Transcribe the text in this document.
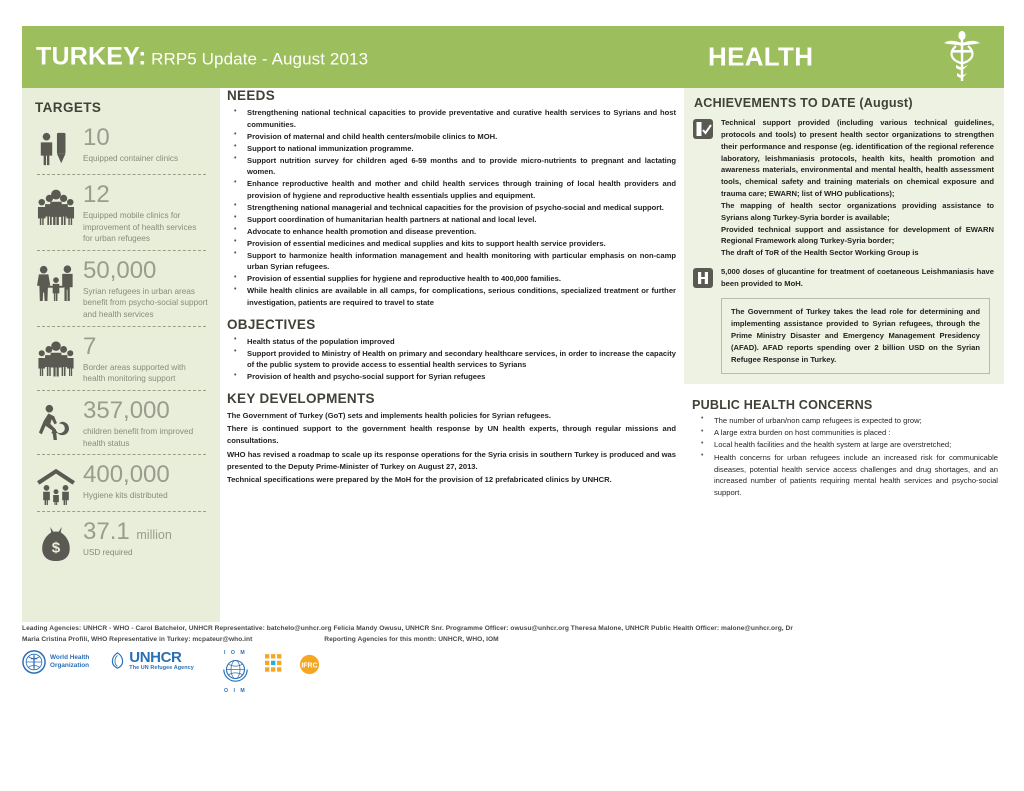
TURKEY: RRP5 Update - August 2013	HEALTH
TARGETS
10
Equipped container clinics
12
Equipped mobile clinics for improvement of health services for urban refugees
50,000
Syrian refugees in urban areas benefit from psycho-social support and health services
7
Border areas supported with health monitoring support
357,000
children benefit from improved health status
400,000
Hygiene kits distributed
$
37.1 million
USD required
NEEDS
• Strengthening national technical capacities to provide preventative and curative health services to Syrians and host communities.
• Provision of maternal and child health centers/mobile clinics to MOH.
• Support to national immunization programme.
• Support nutrition survey for children aged 6-59 months and to provide micro-nutrients to pregnant and lactating women.
• Enhance reproductive health and mother and child health services through training of local health providers and provision of hygiene and reproductive health essentials upplies and equipment.
• Strengthening national managerial and technical capacities for the provision of psycho-social and medical support.
• Support coordination of humanitarian health partners at national and local level.
• Advocate to enhance health promotion and disease prevention.
• Provision of essential medicines and medical supplies and kits to support health service providers.
• Support to harmonize health information management and health monitoring with particular emphasis on non-camp urban Syrian refugees.
• Provision of essential supplies for hygiene and reproductive health to 400,000 families.
• While health clinics are available in all camps, for complications, serious conditions, specialized treatment or further investigation, patients are required to travel to state
OBJECTIVES
• Health status of the population improved
• Support provided to Ministry of Health on primary and secondary healthcare services, in order to increase the capacity of the public system to provide access to essential health services to Syrians
• Provision of health and psycho-social support for Syrian refugees
KEY DEVELOPMENTS

The Government of Turkey (GoT) sets and implements health policies for Syrian refugees.

There is continued support to the government health response by UN health experts, through regular missions and consultations.

WHO has revised a roadmap to scale up its response operations for the Syria crisis in southern Turkey is produced and was presented to the Deputy Prime-Minister of Turkey on August 27, 2013.

Technical specifications were prepared by the MoH for the provision of 12 prefabricated clinics by UNHCR.

ACHIEVEMENTS TO DATE (August)

Technical support provided (including various technical guidelines, protocols and tools) to present health sector organizations to strengthen their performance and response (eg. identification of the regional reference laboratory, leishmaniasis protocols, health kits, health promotion and awareness materials, environmental and mental health, health assessment tools, chemical safety and training materials on chemical exposure and trauma care; EWARN; list of WHO publications);

The mapping of health sector organizations providing assistance to Syrians along Turkey-Syria border is available;

Provided technical support and assistance for development of EWARN Regional Framework along Turkey-Syria border;

The draft of ToR of the Health Sector Working Group is

5,000 doses of glucantine for treatment of coetaneous Leishmaniasis have been provided to MoH.

The Government of Turkey takes the lead role for determining and implementing assistance provided to Syrian refugees, through the Prime Ministry Disaster and Emergency Management Presidency (AFAD). AFAD reports spending over 2 billion USD on the Syrian Refugee Response in Turkey.
PUBLIC HEALTH CONCERNS
• The number of urban/non camp refugees is expected to grow;
• A large extra burden on host communities is placed :
• Local health facilities and the health system at large are overstretched;
• Health concerns for urban refugees include an increased risk for communicable diseases, potential health service access challenges and drug shortages, and an increased number of patients requiring mental health services and psycho-social support.
Leading Agencies: UNHCR - WHO - Carol Batchelor, UNHCR Representative: batchelo@unhcr.org Felicia Mandy Owusu, UNHCR Snr. Programme Officer: owusu@unhcr.org Theresa Malone, UNHCR Public Health Officer: malone@unhcr.org, Dr
Maria Cristina Profili, WHO Representative in Turkey: mcpateur@who.int	Reporting Agencies for this month: UNHCR, WHO, IOM
World Health
Organization	UNHCR
The UN Refugee Agency
I O M
O I M
IFRC
